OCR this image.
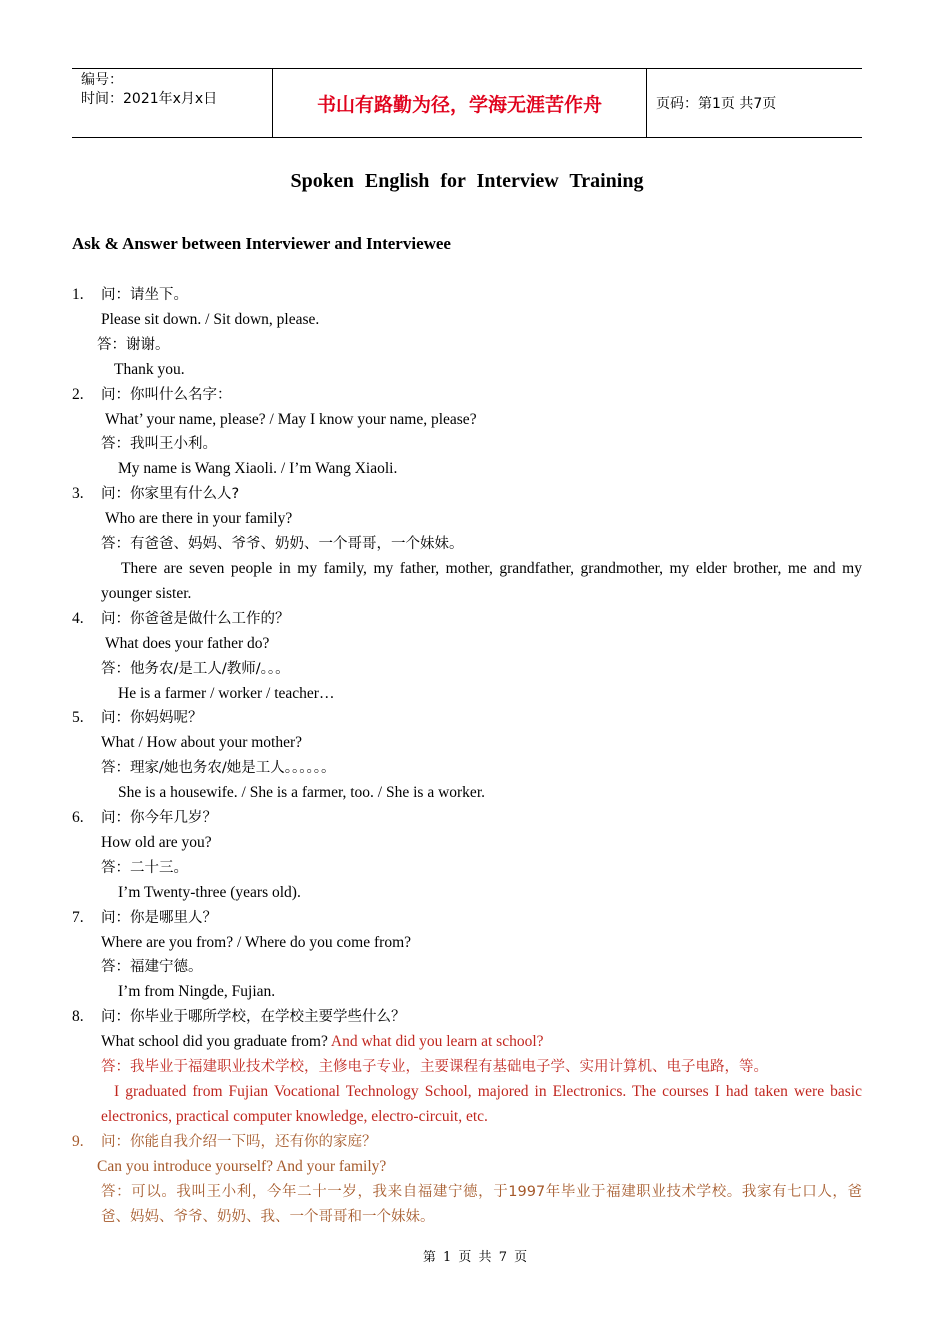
编号：
时间：2021年x月x日	书山有路勤为径，学海无涯苦作舟	页码：第1页 共7页
Spoken English for Interview Training
Ask & Answer between Interviewer and Interviewee
1. 问：请坐下。
Please sit down. / Sit down, please.
答：谢谢。
Thank you.
2. 问：你叫什么名字：
What’ your name, please? / May I know your name, please?
答：我叫王小利。
My name is Wang Xiaoli. / I’m Wang Xiaoli.
3. 问：你家里有什么人?
Who are there in your family?
答：有爸爸、妈妈、爷爷、奶奶、一个哥哥，一个妹妹。
There are seven people in my family, my father, mother, grandfather, grandmother, my elder brother, me and my younger sister.
4. 问：你爸爸是做什么工作的？
What does your father do?
答：他务农/是工人/教师/。。。
He is a farmer / worker / teacher…
5. 问：你妈妈呢？
What / How about your mother?
答：理家/她也务农/她是工人。。。。。。
She is a housewife. / She is a farmer, too. / She is a worker.
6. 问：你今年几岁？
How old are you?
答：二十三。
I’m Twenty-three (years old).
7. 问：你是哪里人？
Where are you from? / Where do you come from?
答：福建宁德。
I’m from Ningde, Fujian.
8. 问：你毕业于哪所学校，在学校主要学些什么？
What school did you graduate from? And what did you learn at school?
答：我毕业于福建职业技术学校，主修电子专业，主要课程有基础电子学、实用计算机、电子电路，等。
I graduated from Fujian Vocational Technology School, majored in Electronics. The courses I had taken were basic electronics, practical computer knowledge, electro-circuit, etc.
9. 问：你能自我介绍一下吗，还有你的家庭？
Can you introduce yourself? And your family?
答：可以。我叫王小利，今年二十一岁，我来自福建宁德，于1997年毕业于福建职业技术学校。我家有七口人，爸爸、妈妈、爷爷、奶奶、我、一个哥哥和一个妹妹。
第 1 页 共 7 页
